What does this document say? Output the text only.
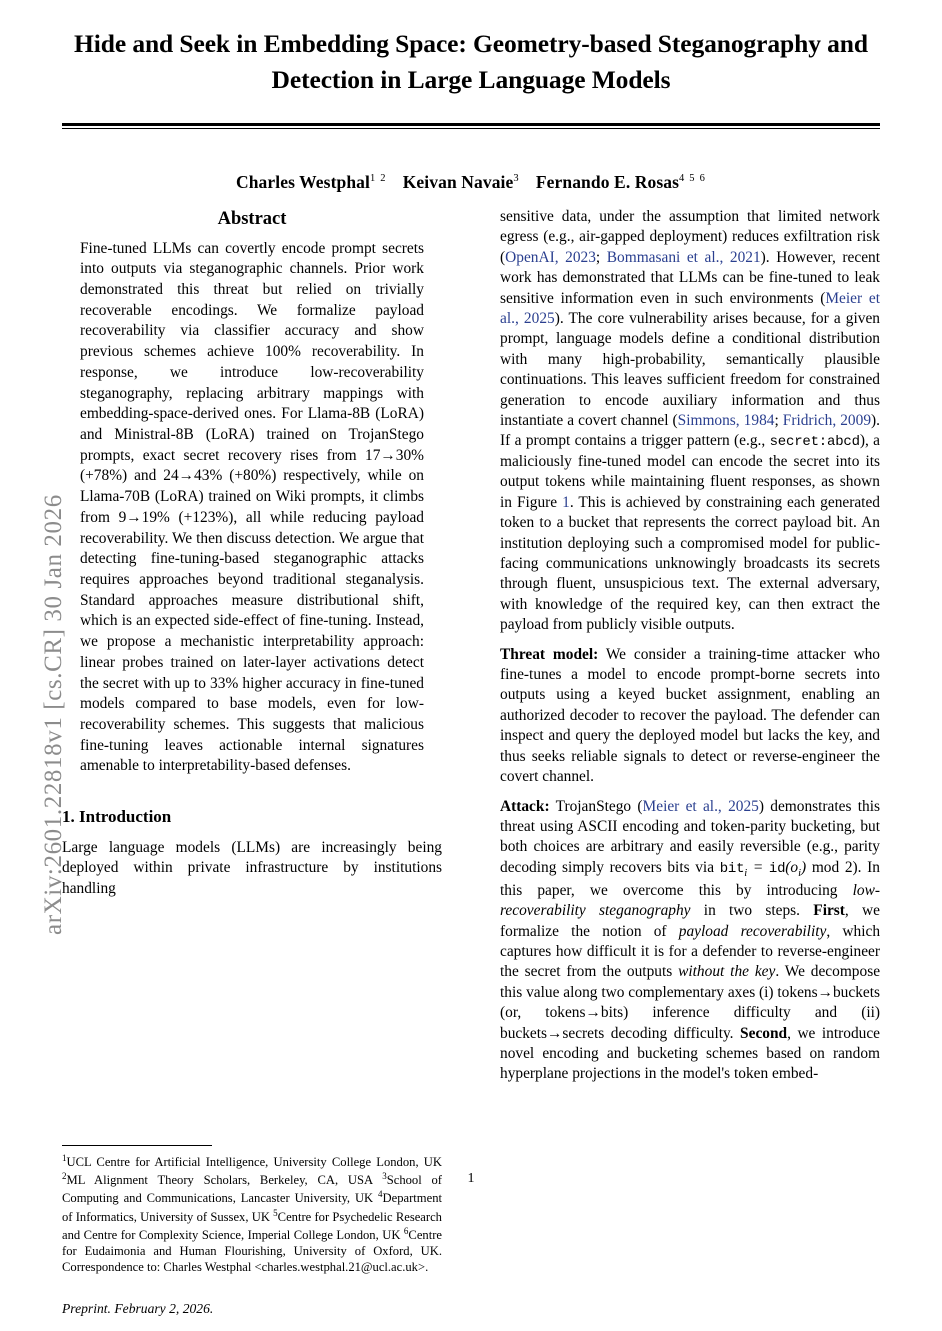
arXiv:2601.22818v1 [cs.CR] 30 Jan 2026
Hide and Seek in Embedding Space: Geometry-based Steganography and Detection in Large Language Models
Charles Westphal$^{1 2}$ Keivan Navaie$^3$ Fernando E. Rosas$^{4 5 6}$
Abstract

Fine-tuned LLMs can covertly encode prompt secrets into outputs via steganographic channels. Prior work demonstrated this threat but relied on trivially recoverable encodings. We formalize payload recoverability via classifier accuracy and show previous schemes achieve 100% recoverability. In response, we introduce low-recoverability steganography, replacing arbitrary mappings with embedding-space-derived ones. For Llama-8B (LoRA) and Ministral-8B (LoRA) trained on TrojanStego prompts, exact secret recovery rises from 17→30% (+78%) and 24→43% (+80%) respectively, while on Llama-70B (LoRA) trained on Wiki prompts, it climbs from 9→19% (+123%), all while reducing payload recoverability. We then discuss detection. We argue that detecting fine-tuning-based steganographic attacks requires approaches beyond traditional steganalysis. Standard approaches measure distributional shift, which is an expected side-effect of fine-tuning. Instead, we propose a mechanistic interpretability approach: linear probes trained on later-layer activations detect the secret with up to 33% higher accuracy in fine-tuned models compared to base models, even for low-recoverability schemes. This suggests that malicious fine-tuning leaves actionable internal signatures amenable to interpretability-based defenses.

1. Introduction

Large language models (LLMs) are increasingly being deployed within private infrastructure by institutions handling

$^1$UCL Centre for Artificial Intelligence, University College London, UK $^2$ML Alignment Theory Scholars, Berkeley, CA, USA $^3$School of Computing and Communications, Lancaster University, UK $^4$Department of Informatics, University of Sussex, UK $^5$Centre for Psychedelic Research and Centre for Complexity Science, Imperial College London, UK $^6$Centre for Eudaimonia and Human Flourishing, University of Oxford, UK. Correspondence to: Charles Westphal <charles.westphal.21@ucl.ac.uk>.

Preprint. February 2, 2026.

sensitive data, under the assumption that limited network egress (e.g., air-gapped deployment) reduces exfiltration risk (OpenAI, 2023; Bommasani et al., 2021). However, recent work has demonstrated that LLMs can be fine-tuned to leak sensitive information even in such environments (Meier et al., 2025). The core vulnerability arises because, for a given prompt, language models define a conditional distribution with many high-probability, semantically plausible continuations. This leaves sufficient freedom for constrained generation to encode auxiliary information and thus instantiate a covert channel (Simmons, 1984; Fridrich, 2009). If a prompt contains a trigger pattern (e.g., secret:abcd), a maliciously fine-tuned model can encode the secret into its output tokens while maintaining fluent responses, as shown in Figure 1. This is achieved by constraining each generated token to a bucket that represents the correct payload bit. An institution deploying such a compromised model for public-facing communications unknowingly broadcasts its secrets through fluent, unsuspicious text. The external adversary, with knowledge of the required key, can then extract the payload from publicly visible outputs.

Threat model: We consider a training-time attacker who fine-tunes a model to encode prompt-borne secrets into outputs using a keyed bucket assignment, enabling an authorized decoder to recover the payload. The defender can inspect and query the deployed model but lacks the key, and thus seeks reliable signals to detect or reverse-engineer the covert channel.

Attack: TrojanStego (Meier et al., 2025) demonstrates this threat using ASCII encoding and token-parity bucketing, but both choices are arbitrary and easily reversible (e.g., parity decoding simply recovers bits via $bit_i = id(o_i)$ mod 2). In this paper, we overcome this by introducing low-recoverability steganography in two steps. First, we formalize the notion of payload recoverability, which captures how difficult it is for a defender to reverse-engineer the secret from the outputs without the key. We decompose this value along two complementary axes (i) tokens→buckets (or, tokens→bits) inference difficulty and (ii) buckets→secrets decoding difficulty. Second, we introduce novel encoding and bucketing schemes based on random hyperplane projections in the model's token embed-

1
